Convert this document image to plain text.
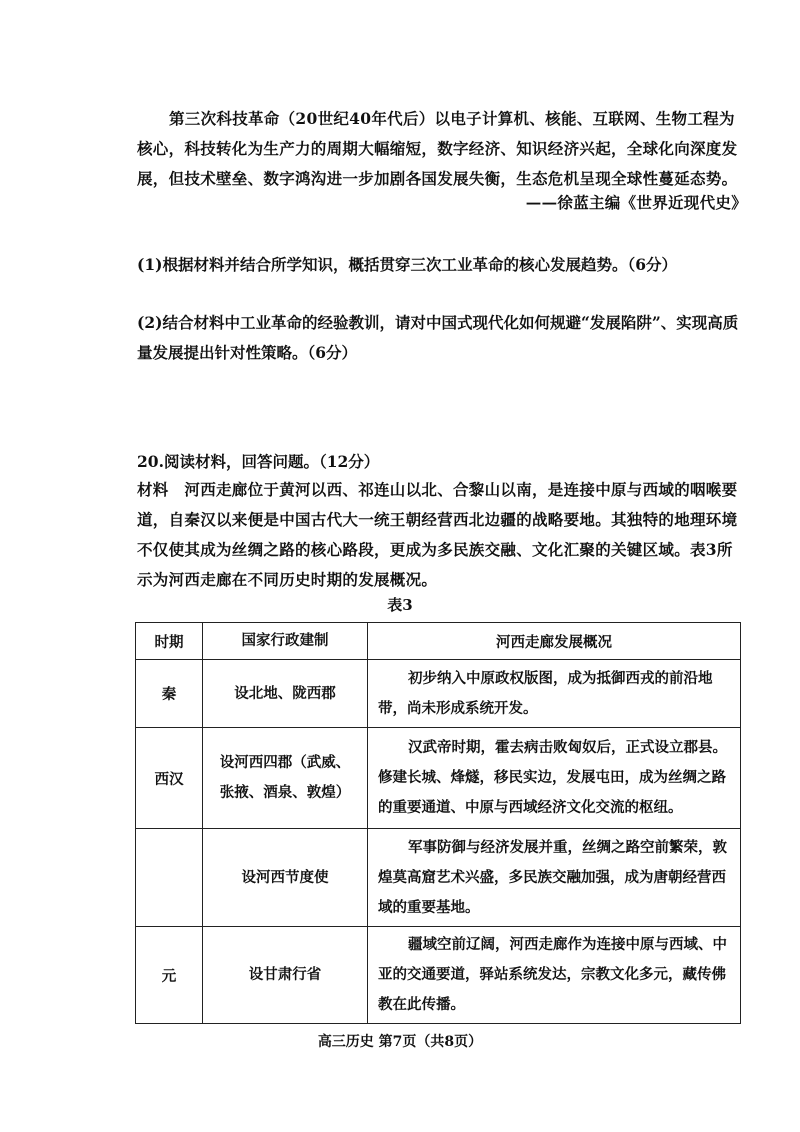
第三次科技革命（20世纪40年代后）以电子计算机、核能、互联网、生物工程为核心，科技转化为生产力的周期大幅缩短，数字经济、知识经济兴起，全球化向深度发展，但技术壁垒、数字鸿沟进一步加剧各国发展失衡，生态危机呈现全球性蔓延态势。

——徐蓝主编《世界近现代史》

(1)根据材料并结合所学知识，概括贯穿三次工业革命的核心发展趋势。（6分）

(2)结合材料中工业革命的经验教训，请对中国式现代化如何规避“发展陷阱”、实现高质量发展提出针对性策略。（6分）

20.阅读材料，回答问题。（12分）

材料　河西走廊位于黄河以西、祁连山以北、合黎山以南，是连接中原与西域的咽喉要道，自秦汉以来便是中国古代大一统王朝经营西北边疆的战略要地。其独特的地理环境不仅使其成为丝绸之路的核心路段，更成为多民族交融、文化汇聚的关键区域。表3所示为河西走廊在不同历史时期的发展概况。

表3
时期	国家行政建制	河西走廊发展概况
秦	设北地、陇西郡	初步纳入中原政权版图，成为抵御西戎的前沿地带，尚未形成系统开发。

西汉	设河西四郡（武威、张掖、酒泉、敦煌）	汉武帝时期，霍去病击败匈奴后，正式设立郡县。修建长城、烽燧，移民实边，发展屯田，成为丝绸之路的重要通道、中原与西域经济文化交流的枢纽。

	设河西节度使	军事防御与经济发展并重，丝绸之路空前繁荣，敦煌莫高窟艺术兴盛，多民族交融加强，成为唐朝经营西域的重要基地。

元	设甘肃行省	疆域空前辽阔，河西走廊作为连接中原与西域、中亚的交通要道，驿站系统发达，宗教文化多元，藏传佛教在此传播。

高三历史 第7页（共8页）
